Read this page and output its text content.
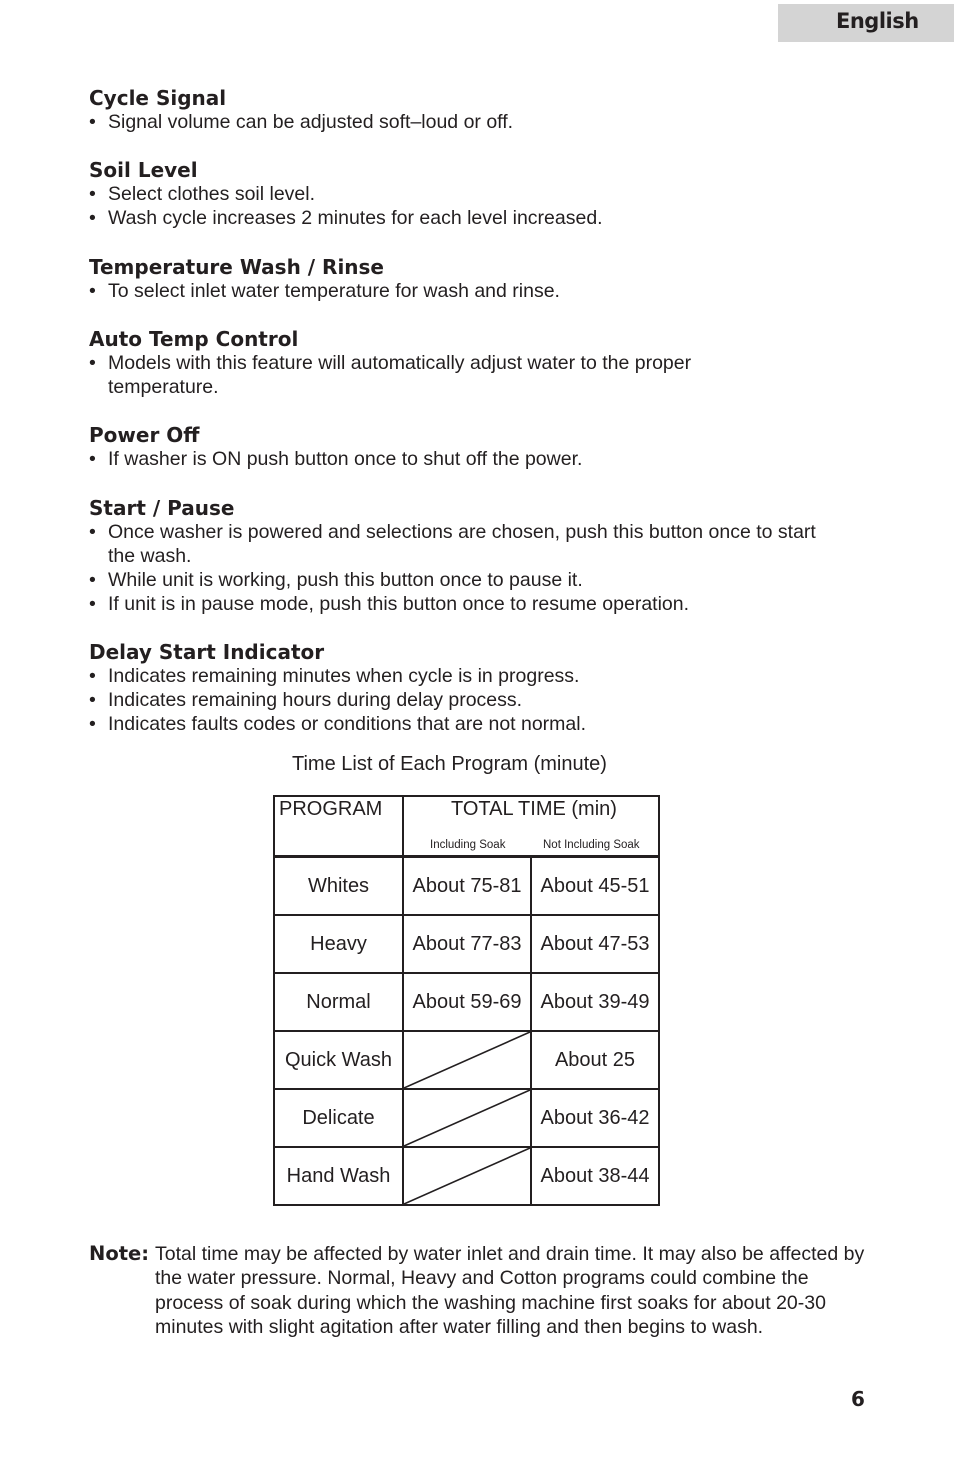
English
Cycle Signal
• Signal volume can be adjusted soft–loud or off.
Soil Level
• Select clothes soil level.
• Wash cycle increases 2 minutes for each level increased.
Temperature Wash / Rinse
• To select inlet water temperature for wash and rinse.
Auto Temp Control
• Models with this feature will automatically adjust water to the proper temperature.
Power Off
• If washer is ON push button once to shut off the power.
Start / Pause
• Once washer is powered and selections are chosen, push this button once to start the wash.
• While unit is working, push this button once to pause it.
• If unit is in pause mode, push this button once to resume operation.
Delay Start Indicator
• Indicates remaining minutes when cycle is in progress.
• Indicates remaining hours during delay process.
• Indicates faults codes or conditions that are not normal.
Time List of Each Program (minute)
PROGRAM	TOTAL TIME (min)
Including Soak Not Including Soak	

Whites	About 75-81	About 45-51
Heavy	About 77-83	About 47-53
Normal	About 59-69	About 39-49
Quick Wash		About 25
Delicate		About 36-42
Hand Wash		About 38-44
Note: Total time may be affected by water inlet and drain time. It may also be affected by the water pressure. Normal, Heavy and Cotton programs could combine the process of soak during which the washing machine first soaks for about 20-30 minutes with slight agitation after water filling and then begins to wash.
6
